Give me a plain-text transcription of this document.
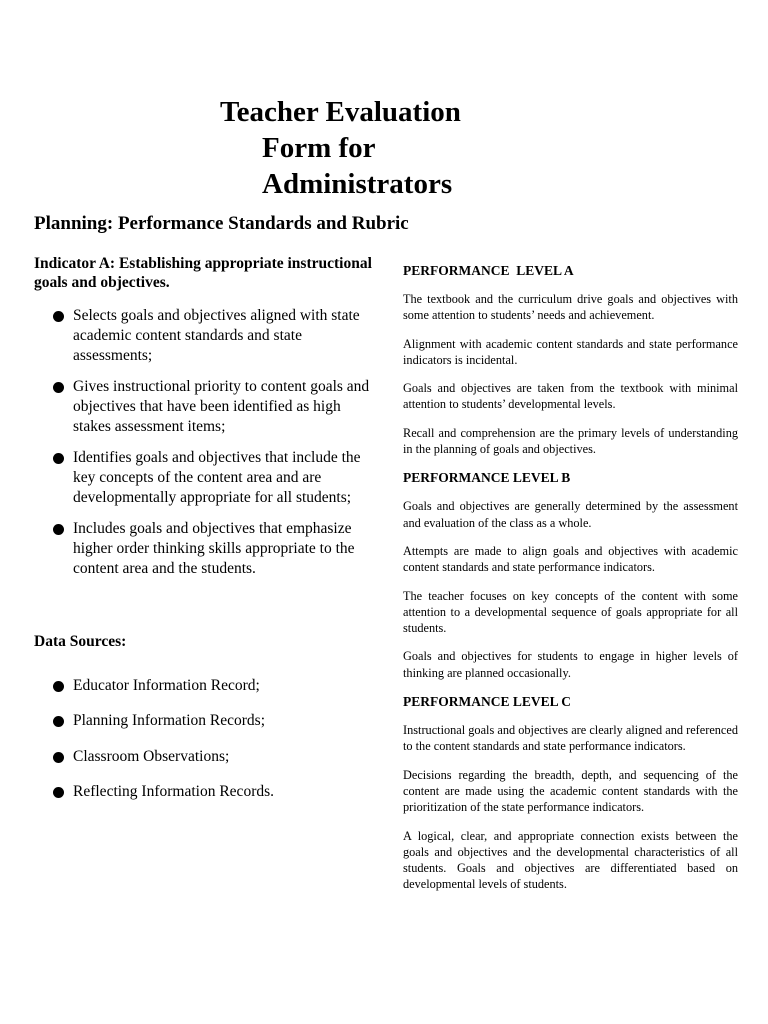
Teacher Evaluation
Form for
Administrators
Planning: Performance Standards and Rubric

Indicator A: Establishing appropriate instructional goals and objectives.

Selects goals and objectives aligned with state academic content standards and state assessments;
Gives instructional priority to content goals and objectives that have been identified as high stakes assessment items;
Identifies goals and objectives that include the key concepts of the content area and are developmentally appropriate for all students;
Includes goals and objectives that emphasize higher order thinking skills appropriate to the content area and the students.
Data Sources:
Educator Information Record;
Planning Information Records;
Classroom Observations;
Reflecting Information Records.
PERFORMANCE  LEVEL A

The textbook and the curriculum drive goals and objectives with some attention to students’ needs and achievement.

Alignment with academic content standards and state performance indicators is incidental.

Goals and objectives are taken from the textbook with minimal attention to students’ developmental levels.

Recall and comprehension are the primary levels of understanding in the planning of goals and objectives.

PERFORMANCE LEVEL B

Goals and objectives are generally determined by the assessment and evaluation of the class as a whole.

Attempts are made to align goals and objectives with academic content standards and state performance indicators.

The teacher focuses on key concepts of the content with some attention to a developmental sequence of goals appropriate for all students.

Goals and objectives for students to engage in higher levels of thinking are planned occasionally.

PERFORMANCE LEVEL C

Instructional goals and objectives are clearly aligned and referenced to the content standards and state performance indicators.

Decisions regarding the breadth, depth, and sequencing of the content are made using the academic content standards with the prioritization of the state performance indicators.

A logical, clear, and appropriate connection exists between the goals and objectives and the developmental characteristics of all students. Goals and objectives are differentiated based on developmental levels of students.
